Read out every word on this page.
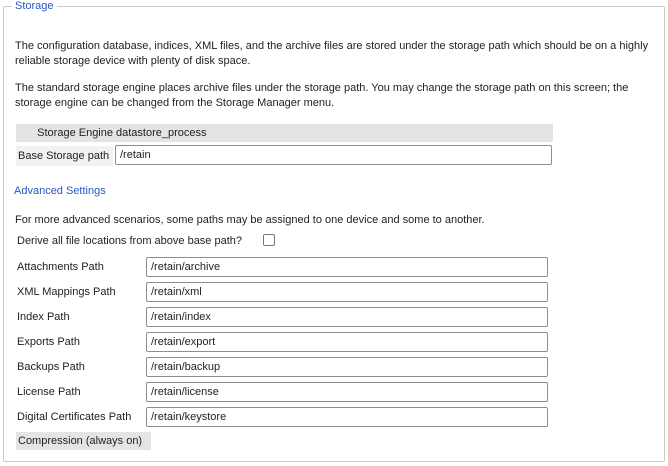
Storage

The configuration database, indices, XML files, and the archive files are stored under the storage path which should be on a highly reliable storage device with plenty of disk space.

The standard storage engine places archive files under the storage path. You may change the storage path on this screen; the storage engine can be changed from the Storage Manager menu.

Storage Engine datastore_process
Base Storage path
/retain
Advanced Settings

For more advanced scenarios, some paths may be assigned to one device and some to another.

Derive all file locations from above base path?
Attachments Path
/retain/archive
XML Mappings Path
/retain/xml
Index Path
/retain/index
Exports Path
/retain/export
Backups Path
/retain/backup
License Path
/retain/license
Digital Certificates Path
/retain/keystore
Compression (always on)
